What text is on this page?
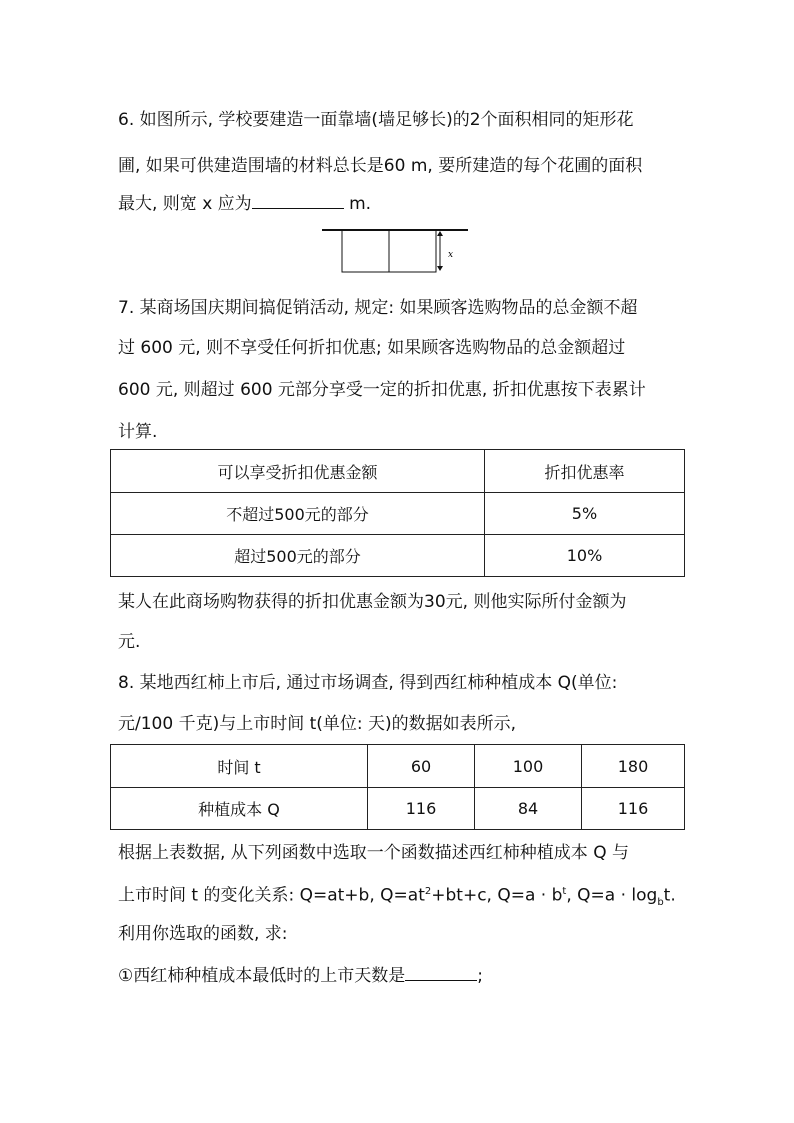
6. 如图所示, 学校要建造一面靠墙(墙足够长)的2个面积相同的矩形花
圃, 如果可供建造围墙的材料总长是60 m, 要所建造的每个花圃的面积
最大, 则宽 x 应为	m.
x
7. 某商场国庆期间搞促销活动, 规定: 如果顾客选购物品的总金额不超
过 600 元, 则不享受任何折扣优惠; 如果顾客选购物品的总金额超过
600 元, 则超过 600 元部分享受一定的折扣优惠, 折扣优惠按下表累计
计算.
可以享受折扣优惠金额	折扣优惠率
不超过500元的部分	5%
超过500元的部分	10%
某人在此商场购物获得的折扣优惠金额为30元, 则他实际所付金额为
元.
8. 某地西红柿上市后, 通过市场调查, 得到西红柿种植成本 Q(单位:
元/100 千克)与上市时间 t(单位: 天)的数据如表所示,
时间 t	60	100	180
种植成本 Q	116	84	116
根据上表数据, 从下列函数中选取一个函数描述西红柿种植成本 Q 与
上市时间 t 的变化关系: Q=at+b, $Q=at^2+bt+c$, $Q=a \cdot b^t$, $Q=a \cdot \log_bt$.
利用你选取的函数, 求:
①西红柿种植成本最低时的上市天数是	;
